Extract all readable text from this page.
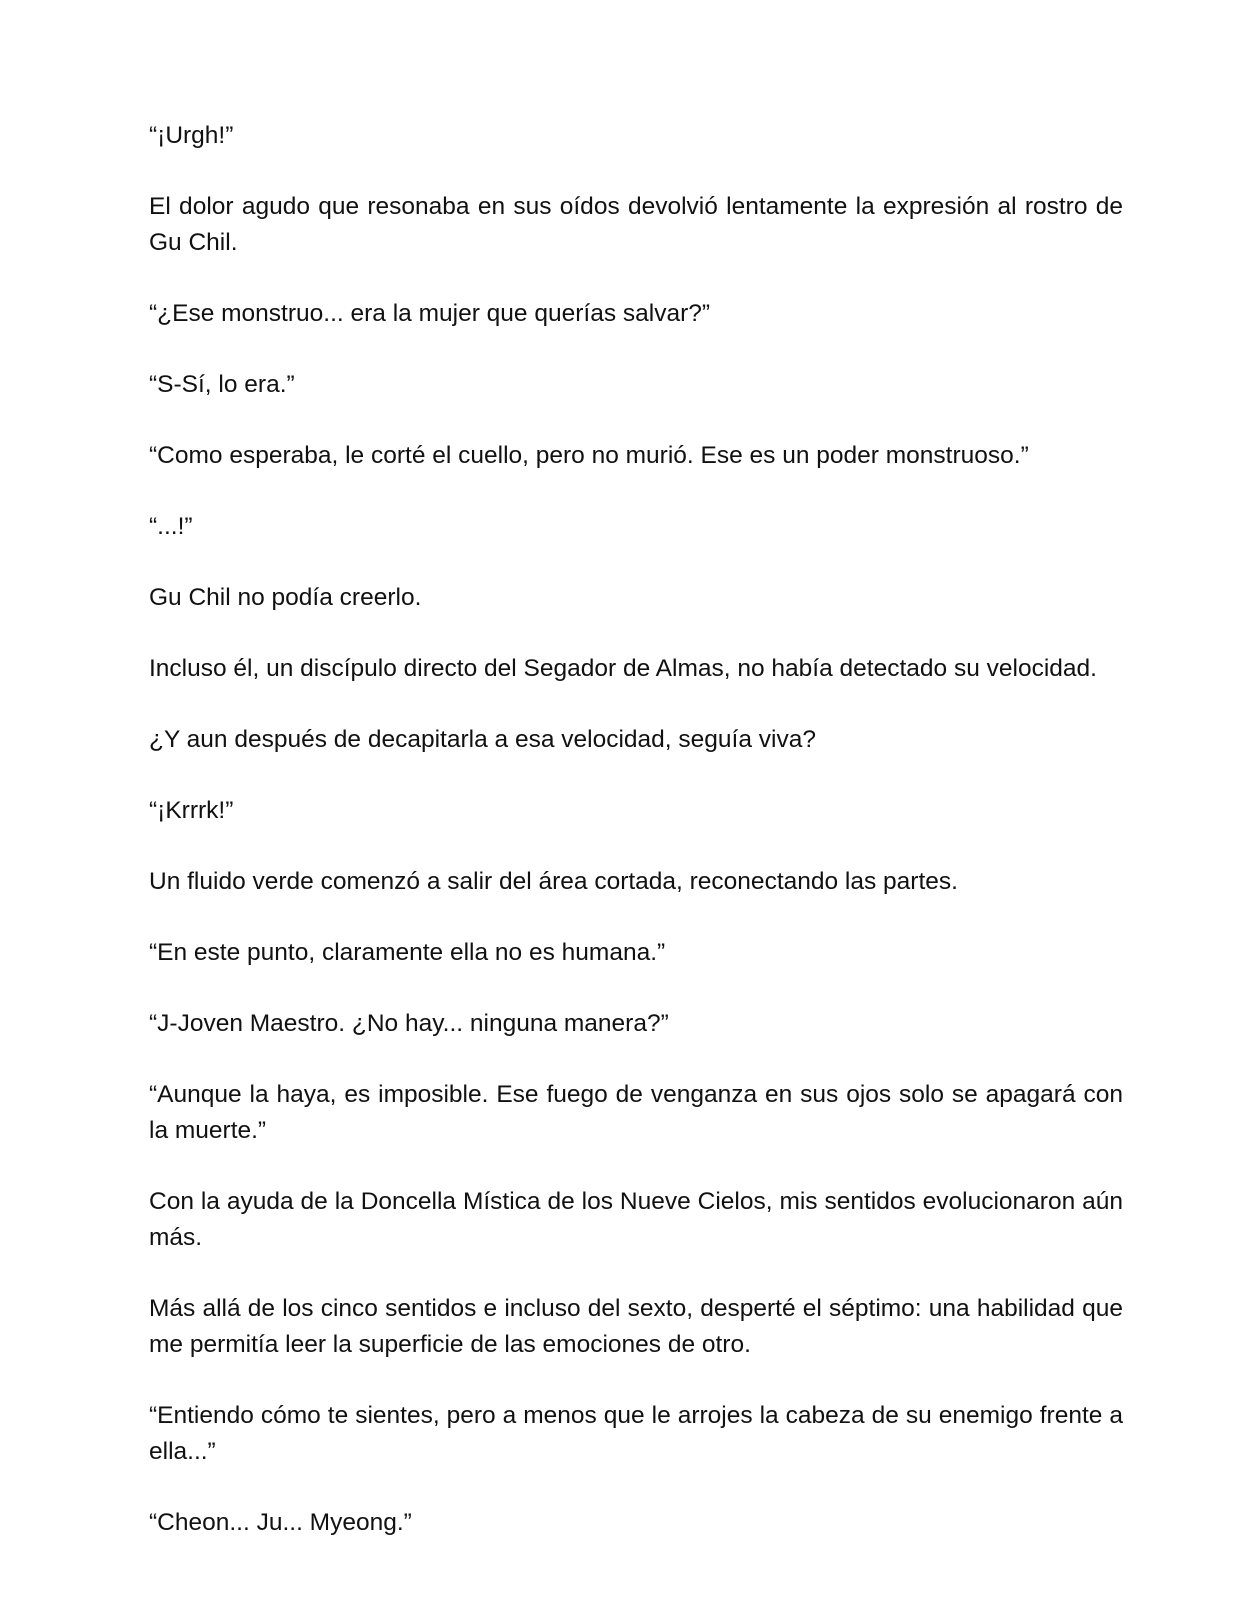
“¡Urgh!”

El dolor agudo que resonaba en sus oídos devolvió lentamente la expresión al rostro de Gu Chil.

“¿Ese monstruo... era la mujer que querías salvar?”

“S-Sí, lo era.”

“Como esperaba, le corté el cuello, pero no murió. Ese es un poder monstruoso.”

“...!”

Gu Chil no podía creerlo.

Incluso él, un discípulo directo del Segador de Almas, no había detectado su velocidad.

¿Y aun después de decapitarla a esa velocidad, seguía viva?

“¡Krrrk!”

Un fluido verde comenzó a salir del área cortada, reconectando las partes.

“En este punto, claramente ella no es humana.”

“J-Joven Maestro. ¿No hay... ninguna manera?”

“Aunque la haya, es imposible. Ese fuego de venganza en sus ojos solo se apagará con la muerte.”

Con la ayuda de la Doncella Mística de los Nueve Cielos, mis sentidos evolucionaron aún más.

Más allá de los cinco sentidos e incluso del sexto, desperté el séptimo: una habilidad que me permitía leer la superficie de las emociones de otro.

“Entiendo cómo te sientes, pero a menos que le arrojes la cabeza de su enemigo frente a ella...”

“Cheon... Ju... Myeong.”
